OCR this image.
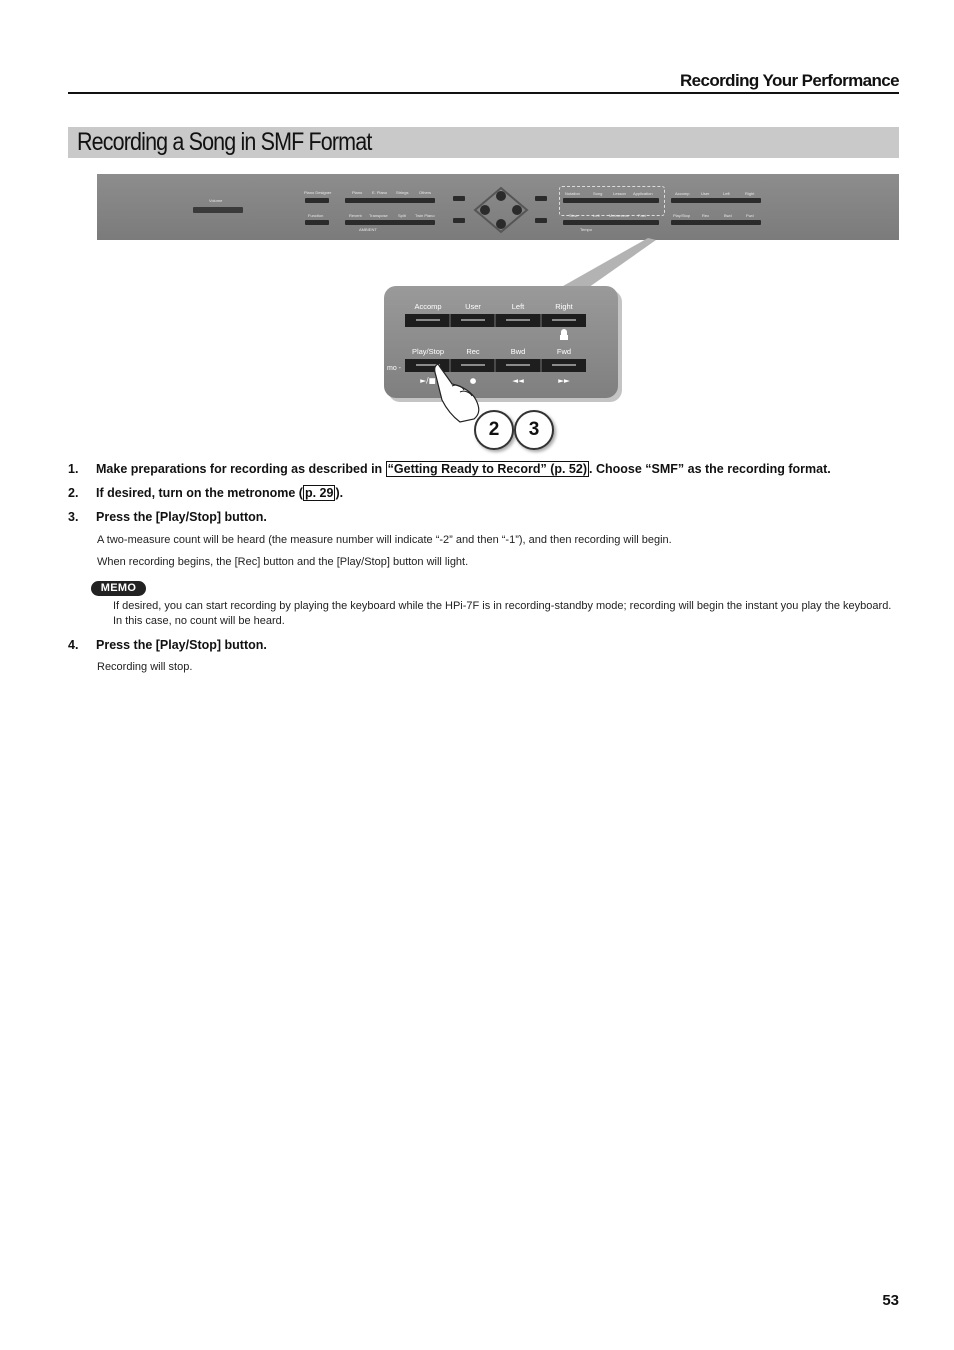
Recording Your Performance
Recording a Song in SMF Format
Volume
Piano Designer
Function
Piano E. Piano Strings	Others
Reverb Transpose	Split Twin Piano
AMBIENT
Notation	Song	Lesson Application
Slow	Left Metronome Fast
Tempo
Accomp	User	Left	Right
Play/Stop	Rec	Bwd	Fwd
Accomp	User	Left	Right
Play/Stop	Rec	Bwd	Fwd
►/■	●	◄◄	►►
mo -
2	3
1. Make preparations for recording as described in “Getting Ready to Record” (p. 52) . Choose “SMF” as the recording format.
2. If desired, turn on the metronome ( p. 29 ).
3. Press the [Play/Stop] button.
A two-measure count will be heard (the measure number will indicate “-2” and then “-1”), and then recording will begin.
When recording begins, the [Rec] button and the [Play/Stop] button will light.
MEMO
If desired, you can start recording by playing the keyboard while the HPi-7F is in recording-standby mode; recording will begin the instant you play the keyboard. In this case, no count will be heard.
4. Press the [Play/Stop] button.
Recording will stop.
53
